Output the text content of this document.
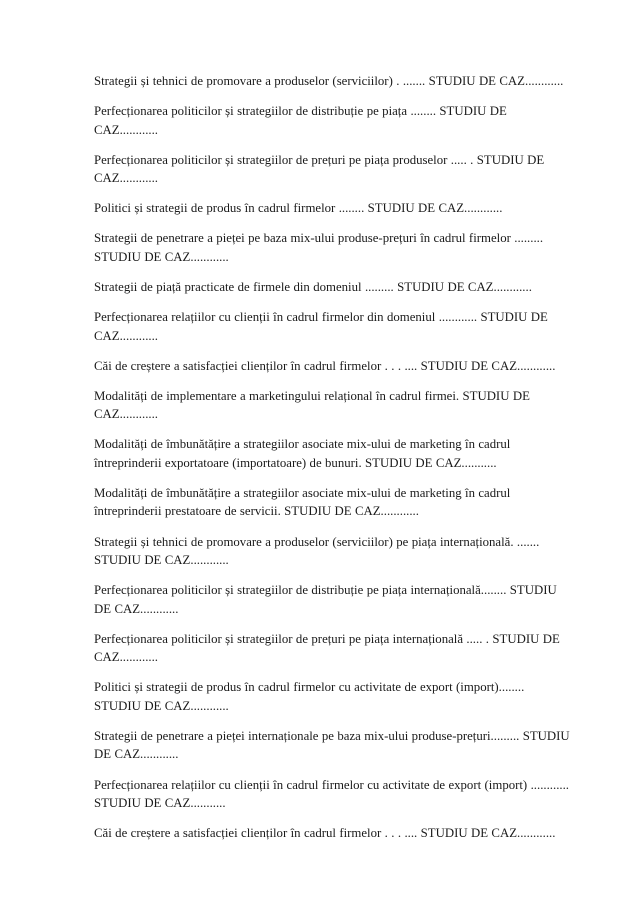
Strategii și tehnici de promovare a produselor (serviciilor) . ....... STUDIU DE CAZ............
Perfecționarea politicilor și strategiilor de distribuție pe piața ........ STUDIU DE CAZ............
Perfecționarea politicilor și strategiilor de prețuri pe piața produselor ..... . STUDIU DE CAZ............
Politici și strategii de produs în cadrul firmelor ........ STUDIU DE CAZ............
Strategii de penetrare a pieței pe baza mix-ului produse-prețuri în cadrul firmelor ......... STUDIU DE CAZ............
Strategii de piață practicate de firmele din domeniul ......... STUDIU DE CAZ............
Perfecționarea relațiilor cu clienții în cadrul firmelor din domeniul ............ STUDIU DE CAZ............
Căi de creștere a satisfacției clienților în cadrul firmelor . . . .... STUDIU DE CAZ............
Modalități de implementare a marketingului relațional în cadrul firmei. STUDIU DE CAZ............
Modalități de îmbunătățire a strategiilor asociate mix-ului de marketing în cadrul întreprinderii exportatoare (importatoare) de bunuri. STUDIU DE CAZ...........
Modalități de îmbunătățire a strategiilor asociate mix-ului de marketing în cadrul întreprinderii prestatoare de servicii. STUDIU DE CAZ............
Strategii și tehnici de promovare a produselor (serviciilor) pe piața internațională. ....... STUDIU DE CAZ............
Perfecționarea politicilor și strategiilor de distribuție pe piața internațională........ STUDIU DE CAZ............
Perfecționarea politicilor și strategiilor de prețuri pe piața internațională ..... . STUDIU DE CAZ............
Politici și strategii de produs în cadrul firmelor cu activitate de export (import)........ STUDIU DE CAZ............
Strategii de penetrare a pieței internaționale pe baza mix-ului produse-prețuri......... STUDIU DE CAZ............
Perfecționarea relațiilor cu clienții în cadrul firmelor cu activitate de export (import) ............ STUDIU DE CAZ...........
Căi de creștere a satisfacției clienților în cadrul firmelor . . . .... STUDIU DE CAZ............
